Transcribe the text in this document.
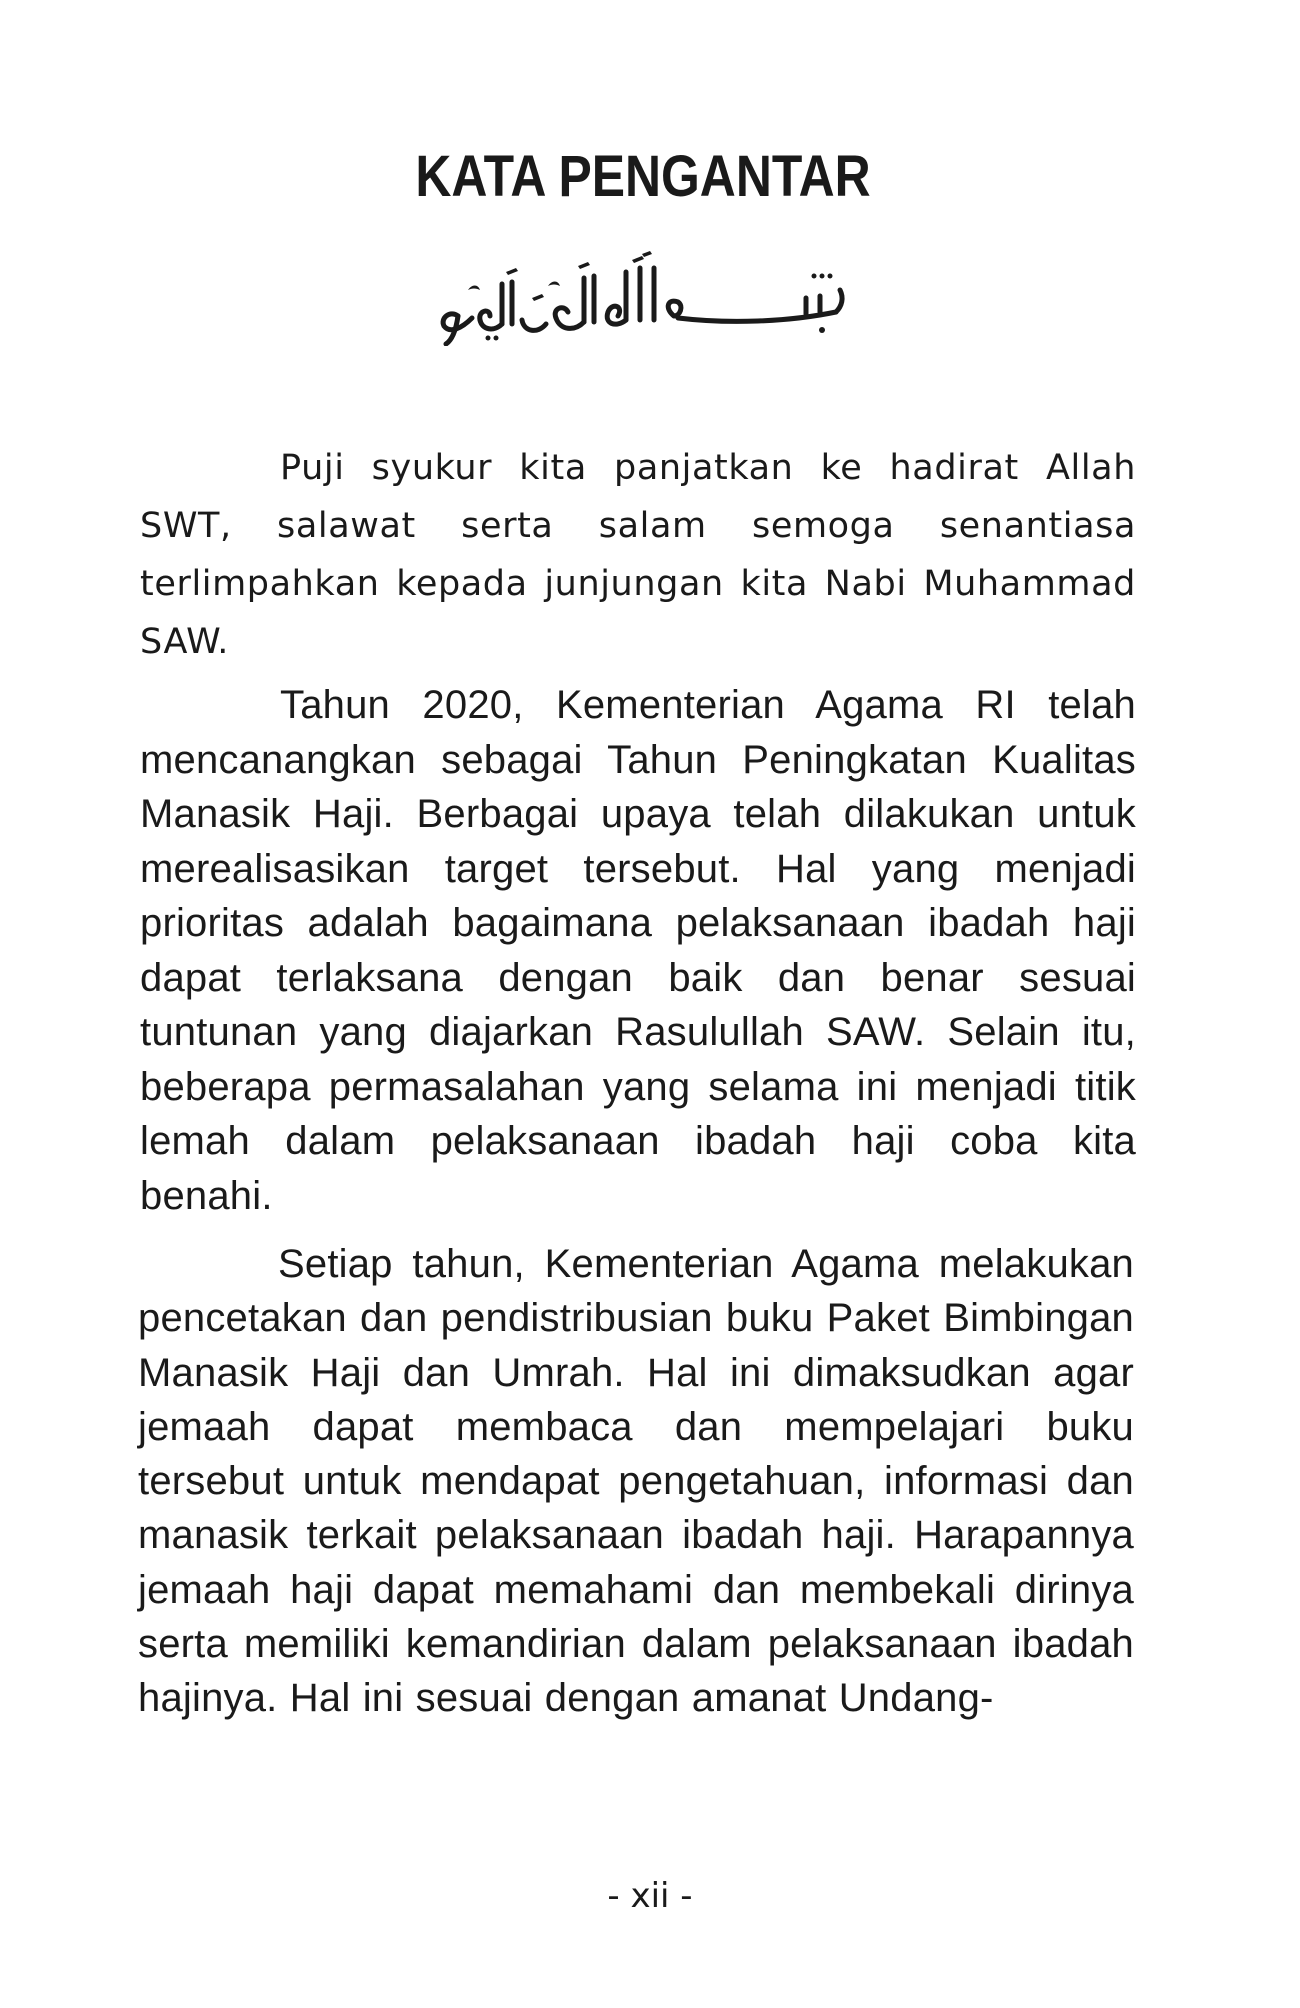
KATA PENGANTAR

Puji syukur kita panjatkan ke hadirat Allah SWT, salawat serta salam semoga senantiasa terlimpahkan kepada junjungan kita Nabi Muhammad SAW.

Tahun 2020, Kementerian Agama RI telah mencanangkan sebagai Tahun Peningkatan Kualitas Manasik Haji. Berbagai upaya telah dilakukan untuk merealisasikan target tersebut. Hal yang menjadi prioritas adalah bagaimana pelaksanaan ibadah haji dapat terlaksana dengan baik dan benar sesuai tuntunan yang diajarkan Rasulullah SAW. Selain itu, beberapa permasalahan yang selama ini menjadi titik lemah dalam pelaksanaan ibadah haji coba kita benahi.

Setiap tahun, Kementerian Agama melakukan pencetakan dan pendistribusian buku Paket Bimbingan Manasik Haji dan Umrah. Hal ini dimaksudkan agar jemaah dapat membaca dan mempelajari buku tersebut untuk mendapat pengetahuan, informasi dan manasik terkait pelaksanaan ibadah haji. Harapannya jemaah haji dapat memahami dan membekali dirinya serta memiliki kemandirian dalam pelaksanaan ibadah hajinya. Hal ini sesuai dengan amanat Undang-

- xii -
